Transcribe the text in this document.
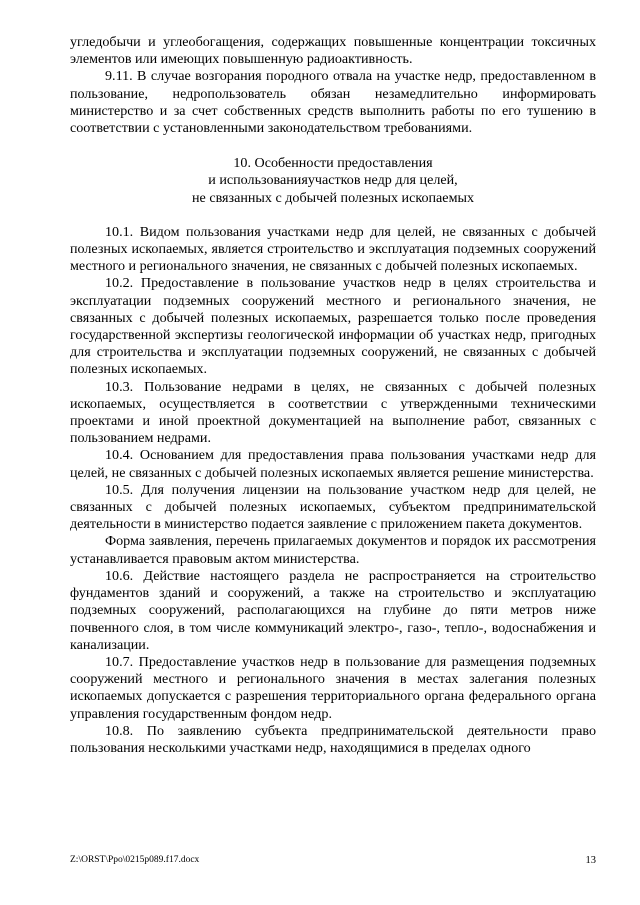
угледобычи и углеобогащения, содержащих повышенные концентрации токсичных элементов или имеющих повышенную радиоактивность.

9.11. В случае возгорания породного отвала на участке недр, предоставленном в пользование, недропользователь обязан незамедлительно информировать министерство и за счет собственных средств выполнить работы по его тушению в соответствии с установленными законодательством требованиями.

10. Особенности предоставления
и использованияучастков недр для целей,
не связанных с добычей полезных ископаемых

10.1. Видом пользования участками недр для целей, не связанных с добычей полезных ископаемых, является строительство и эксплуатация подземных сооружений местного и регионального значения, не связанных с добычей полезных ископаемых.

10.2. Предоставление в пользование участков недр в целях строительства и эксплуатации подземных сооружений местного и регионального значения, не связанных с добычей полезных ископаемых, разрешается только после проведения государственной экспертизы геологической информации об участках недр, пригодных для строительства и эксплуатации подземных сооружений, не связанных с добычей полезных ископаемых.

10.3. Пользование недрами в целях, не связанных с добычей полезных ископаемых, осуществляется в соответствии с утвержденными техническими проектами и иной проектной документацией на выполнение работ, связанных с пользованием недрами.

10.4. Основанием для предоставления права пользования участками недр для целей, не связанных с добычей полезных ископаемых является решение министерства.

10.5. Для получения лицензии на пользование участком недр для целей, не связанных с добычей полезных ископаемых, субъектом предпринимательской деятельности в министерство подается заявление с приложением пакета документов.

Форма заявления, перечень прилагаемых документов и порядок их рассмотрения устанавливается правовым актом министерства.

10.6. Действие настоящего раздела не распространяется на строительство фундаментов зданий и сооружений, а также на строительство и эксплуатацию подземных сооружений, располагающихся на глубине до пяти метров ниже почвенного слоя, в том числе коммуникаций электро-, газо-, тепло-, водоснабжения и канализации.

10.7. Предоставление участков недр в пользование для размещения подземных сооружений местного и регионального значения в местах залегания полезных ископаемых допускается с разрешения территориального органа федерального органа управления государственным фондом недр.

10.8. По заявлению субъекта предпринимательской деятельности право пользования несколькими участками недр, находящимися в пределах одного

Z:\ORST\Ppo\0215p089.f17.docx	13
